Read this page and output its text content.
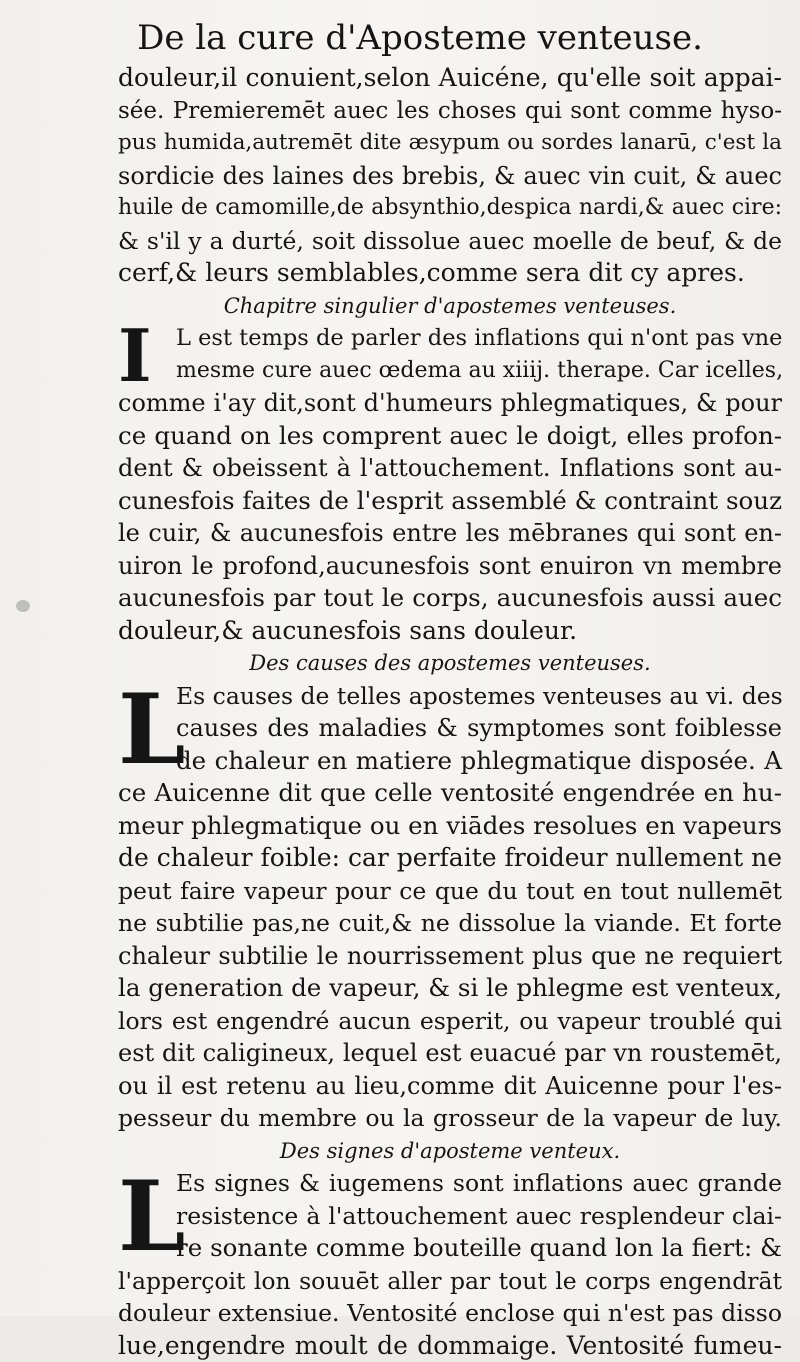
De la cure d'Aposteme venteuse.
douleur,il conuient,selon Auicéne, qu'elle soit appai-
sée. Premieremēt auec les choses qui sont comme hyso-
pus humida,autremēt dite æsypum ou sordes lanarū, c'est la
sordicie des laines des brebis, & auec vin cuit, & auec
huile de camomille,de absynthio,despica nardi,& auec cire:
& s'il y a durté, soit dissolue auec moelle de beuf, & de
cerf,& leurs semblables,comme sera dit cy apres.
Chapitre singulier d'apostemes venteuses.
I	L est temps de parler des inflations qui n'ont pas vne
mesme cure auec œdema au xiiij. therape. Car icelles,
comme i'ay dit,sont d'humeurs phlegmatiques, & pour
ce quand on les comprent auec le doigt, elles profon-
dent & obeissent à l'attouchement. Inflations sont au-
cunesfois faites de l'esprit assemblé & contraint souz
le cuir, & aucunesfois entre les mēbranes qui sont en-
uiron le profond,aucunesfois sont enuiron vn membre
aucunesfois par tout le corps, aucunesfois aussi auec
douleur,& aucunesfois sans douleur.
Des causes des apostemes venteuses.
L
Es causes de telles apostemes venteuses au vi. des
causes des maladies & symptomes sont foiblesse
de chaleur en matiere phlegmatique disposée. A
ce Auicenne dit que celle ventosité engendrée en hu-
meur phlegmatique ou en viādes resolues en vapeurs
de chaleur foible: car perfaite froideur nullement ne
peut faire vapeur pour ce que du tout en tout nullemēt
ne subtilie pas,ne cuit,& ne dissolue la viande. Et forte
chaleur subtilie le nourrissement plus que ne requiert
la generation de vapeur, & si le phlegme est venteux,
lors est engendré aucun esperit, ou vapeur troublé qui
est dit caligineux, lequel est euacué par vn roustemēt,
ou il est retenu au lieu,comme dit Auicenne pour l'es-
pesseur du membre ou la grosseur de la vapeur de luy.
Des signes d'aposteme venteux.
L
Es signes & iugemens sont inflations auec grande
resistence à l'attouchement auec resplendeur clai-
re sonante comme bouteille quand lon la fiert: &
l'apperçoit lon souuēt aller par tout le corps engendrāt
douleur extensiue. Ventosité enclose qui n'est pas disso
lue,engendre moult de dommaige. Ventosité fumeu-
